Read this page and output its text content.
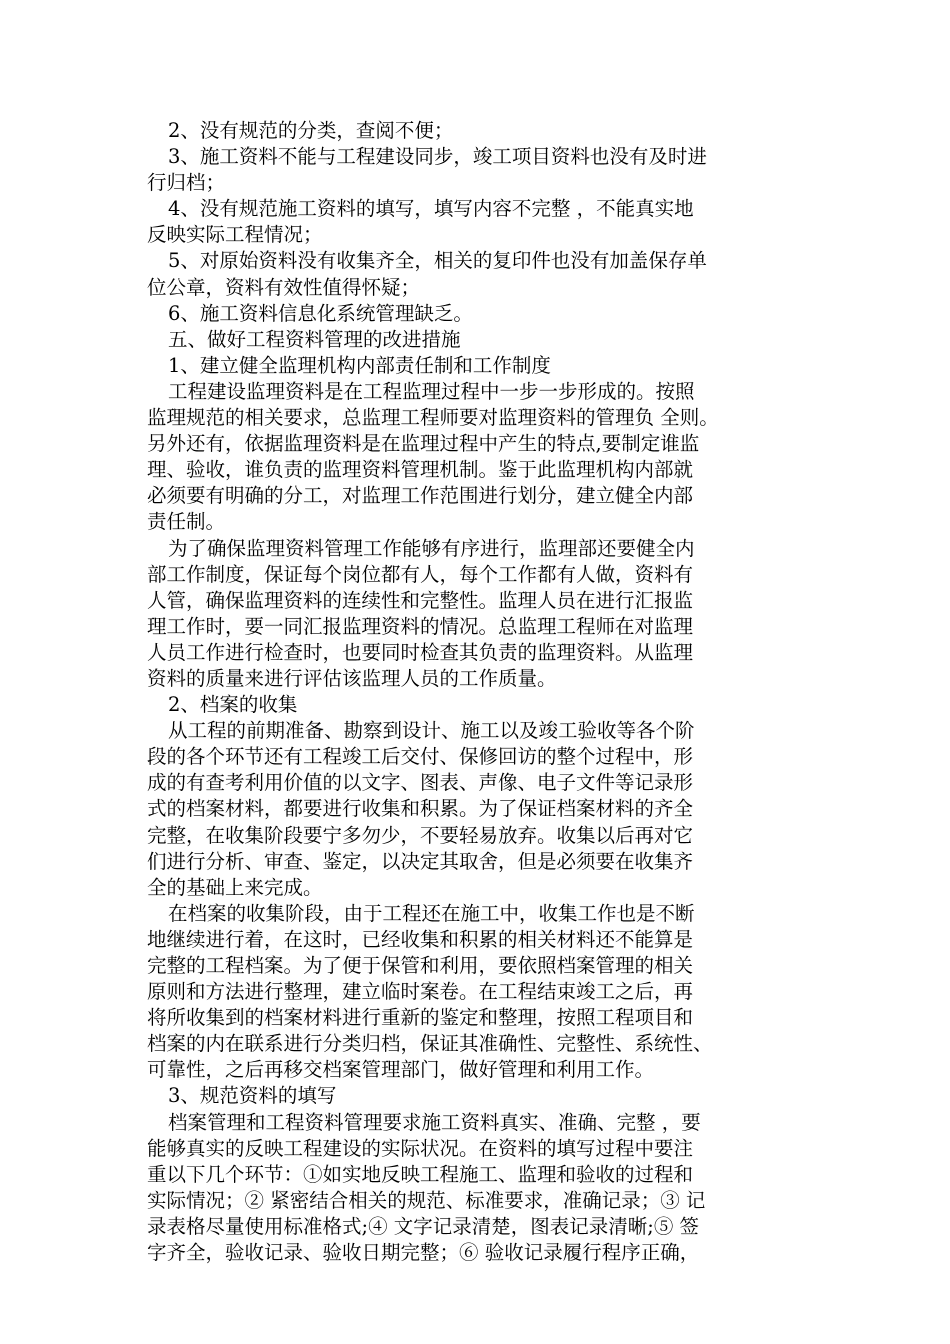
2、没有规范的分类，查阅不便；
3、施工资料不能与工程建设同步，竣工项目资料也没有及时进
行归档；
4、没有规范施工资料的填写，填写内容不完整 ，不能真实地
反映实际工程情况；
5、对原始资料没有收集齐全，相关的复印件也没有加盖保存单
位公章，资料有效性值得怀疑；
6、施工资料信息化系统管理缺乏。
五、做好工程资料管理的改进措施
1、建立健全监理机构内部责任制和工作制度
工程建设监理资料是在工程监理过程中一步一步形成的。按照
监理规范的相关要求，总监理工程师要对监理资料的管理负 全则。
另外还有，依据监理资料是在监理过程中产生的特点,要制定谁监
理、验收，谁负责的监理资料管理机制。鉴于此监理机构内部就
必须要有明确的分工，对监理工作范围进行划分，建立健全内部
责任制。
为了确保监理资料管理工作能够有序进行，监理部还要健全内
部工作制度，保证每个岗位都有人，每个工作都有人做，资料有
人管，确保监理资料的连续性和完整性。监理人员在进行汇报监
理工作时，要一同汇报监理资料的情况。总监理工程师在对监理
人员工作进行检查时，也要同时检查其负责的监理资料。从监理
资料的质量来进行评估该监理人员的工作质量。
2、档案的收集
从工程的前期准备、勘察到设计、施工以及竣工验收等各个阶
段的各个环节还有工程竣工后交付、保修回访的整个过程中，形
成的有查考利用价值的以文字、图表、声像、电子文件等记录形
式的档案材料，都要进行收集和积累。为了保证档案材料的齐全
完整，在收集阶段要宁多勿少，不要轻易放弃。收集以后再对它
们进行分析、审查、鉴定，以决定其取舍，但是必须要在收集齐
全的基础上来完成。
在档案的收集阶段，由于工程还在施工中，收集工作也是不断
地继续进行着，在这时，已经收集和积累的相关材料还不能算是
完整的工程档案。为了便于保管和利用，要依照档案管理的相关
原则和方法进行整理，建立临时案卷。在工程结束竣工之后，再
将所收集到的档案材料进行重新的鉴定和整理，按照工程项目和
档案的内在联系进行分类归档，保证其准确性、完整性、系统性、
可靠性，之后再移交档案管理部门，做好管理和利用工作。
3、规范资料的填写
档案管理和工程资料管理要求施工资料真实、准确、完整 ，要
能够真实的反映工程建设的实际状况。在资料的填写过程中要注
重以下几个环节：①如实地反映工程施工、监理和验收的过程和
实际情况；② 紧密结合相关的规范、标准要求，准确记录；③ 记
录表格尽量使用标准格式;④ 文字记录清楚，图表记录清晰;⑤ 签
字齐全，验收记录、验收日期完整；⑥ 验收记录履行程序正确，
